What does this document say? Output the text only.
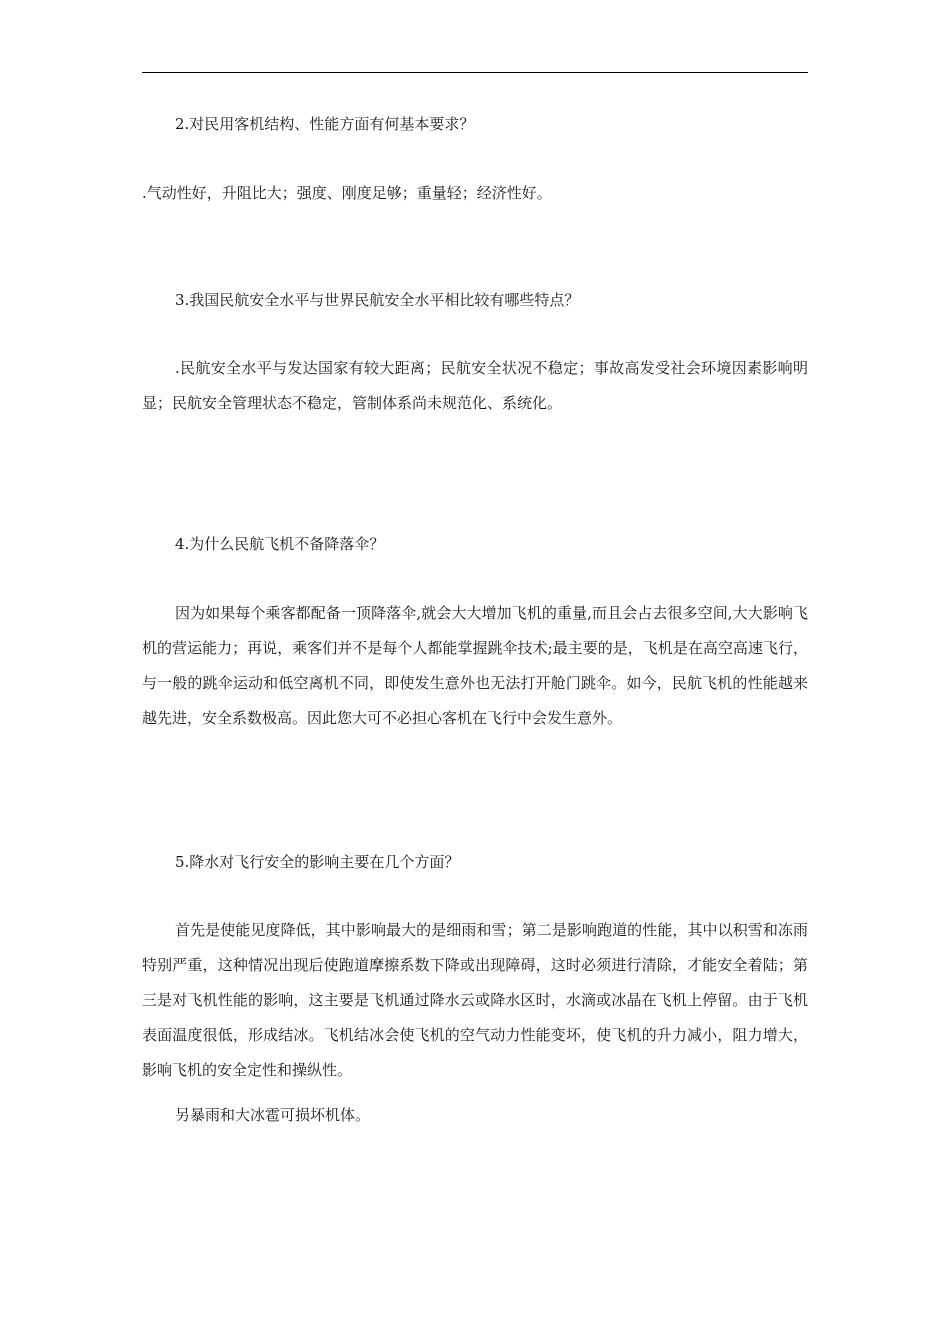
2.对民用客机结构、性能方面有何基本要求？
.气动性好，升阻比大；强度、刚度足够；重量轻；经济性好。
3.我国民航安全水平与世界民航安全水平相比较有哪些特点？
.民航安全水平与发达国家有较大距离；民航安全状况不稳定；事故高发受社会环境因素影响明显；民航安全管理状态不稳定，管制体系尚未规范化、系统化。
4.为什么民航飞机不备降落伞？
因为如果每个乘客都配备一顶降落伞,就会大大增加飞机的重量,而且会占去很多空间,大大影响飞机的营运能力；再说，乘客们并不是每个人都能掌握跳伞技术;最主要的是，飞机是在高空高速飞行，与一般的跳伞运动和低空离机不同，即使发生意外也无法打开舱门跳伞。如今，民航飞机的性能越来越先进，安全系数极高。因此您大可不必担心客机在飞行中会发生意外。
5.降水对飞行安全的影响主要在几个方面？
首先是使能见度降低，其中影响最大的是细雨和雪；第二是影响跑道的性能，其中以积雪和冻雨特别严重，这种情况出现后使跑道摩擦系数下降或出现障碍，这时必须进行清除，才能安全着陆；第三是对飞机性能的影响，这主要是飞机通过降水云或降水区时，水滴或冰晶在飞机上停留。由于飞机表面温度很低，形成结冰。飞机结冰会使飞机的空气动力性能变坏，使飞机的升力减小，阻力增大，影响飞机的安全定性和操纵性。
另暴雨和大冰雹可损坏机体。
